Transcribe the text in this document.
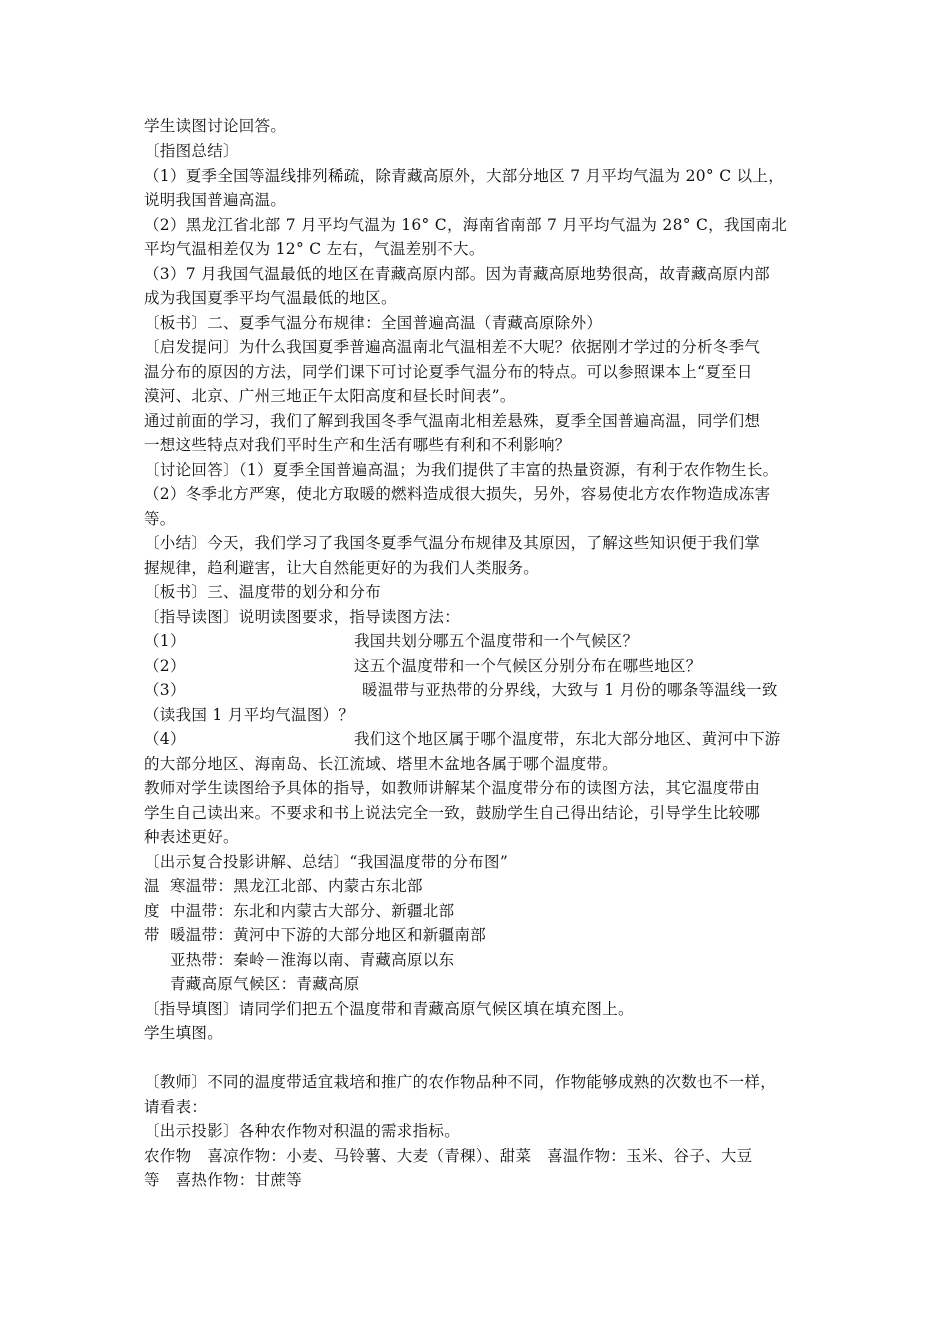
学生读图讨论回答。
〔指图总结〕
（1）夏季全国等温线排列稀疏，除青藏高原外，大部分地区 7 月平均气温为 20° C 以上，
说明我国普遍高温。
（2）黑龙江省北部 7 月平均气温为 16° C，海南省南部 7 月平均气温为 28° C，我国南北
平均气温相差仅为 12° C 左右，气温差别不大。
（3）7 月我国气温最低的地区在青藏高原内部。因为青藏高原地势很高，故青藏高原内部
成为我国夏季平均气温最低的地区。
〔板书〕二、夏季气温分布规律：全国普遍高温（青藏高原除外）
〔启发提问〕为什么我国夏季普遍高温南北气温相差不大呢？依据刚才学过的分析冬季气
温分布的原因的方法，同学们课下可讨论夏季气温分布的特点。可以参照课本上“夏至日
漠河、北京、广州三地正午太阳高度和昼长时间表”。
通过前面的学习，我们了解到我国冬季气温南北相差悬殊，夏季全国普遍高温，同学们想
一想这些特点对我们平时生产和生活有哪些有利和不利影响？
〔讨论回答〕（1）夏季全国普遍高温；为我们提供了丰富的热量资源，有利于农作物生长。
（2）冬季北方严寒，使北方取暖的燃料造成很大损失，另外，容易使北方农作物造成冻害
等。
〔小结〕今天，我们学习了我国冬夏季气温分布规律及其原因，了解这些知识便于我们掌
握规律，趋利避害，让大自然能更好的为我们人类服务。
〔板书〕三、温度带的划分和分布
〔指导读图〕说明读图要求，指导读图方法：
（1）	我国共划分哪五个温度带和一个气候区？
（2）	这五个温度带和一个气候区分别分布在哪些地区？
（3）	暖温带与亚热带的分界线，大致与 1 月份的哪条等温线一致
（读我国 1 月平均气温图）？
（4）	我们这个地区属于哪个温度带，东北大部分地区、黄河中下游
的大部分地区、海南岛、长江流域、塔里木盆地各属于哪个温度带。
教师对学生读图给予具体的指导，如教师讲解某个温度带分布的读图方法，其它温度带由
学生自己读出来。不要求和书上说法完全一致，鼓励学生自己得出结论，引导学生比较哪
种表述更好。
〔出示复合投影讲解、总结〕“我国温度带的分布图”
温 寒温带：黑龙江北部、内蒙古东北部
度 中温带：东北和内蒙古大部分、新疆北部
带 暖温带：黄河中下游的大部分地区和新疆南部
亚热带：秦岭－淮海以南、青藏高原以东
青藏高原气候区：青藏高原
〔指导填图〕请同学们把五个温度带和青藏高原气候区填在填充图上。
学生填图。
〔教师〕不同的温度带适宜栽培和推广的农作物品种不同，作物能够成熟的次数也不一样，
请看表：
〔出示投影〕各种农作物对积温的需求指标。
农作物　喜凉作物：小麦、马铃薯、大麦（青稞）、甜菜　喜温作物：玉米、谷子、大豆
等　喜热作物：甘蔗等
